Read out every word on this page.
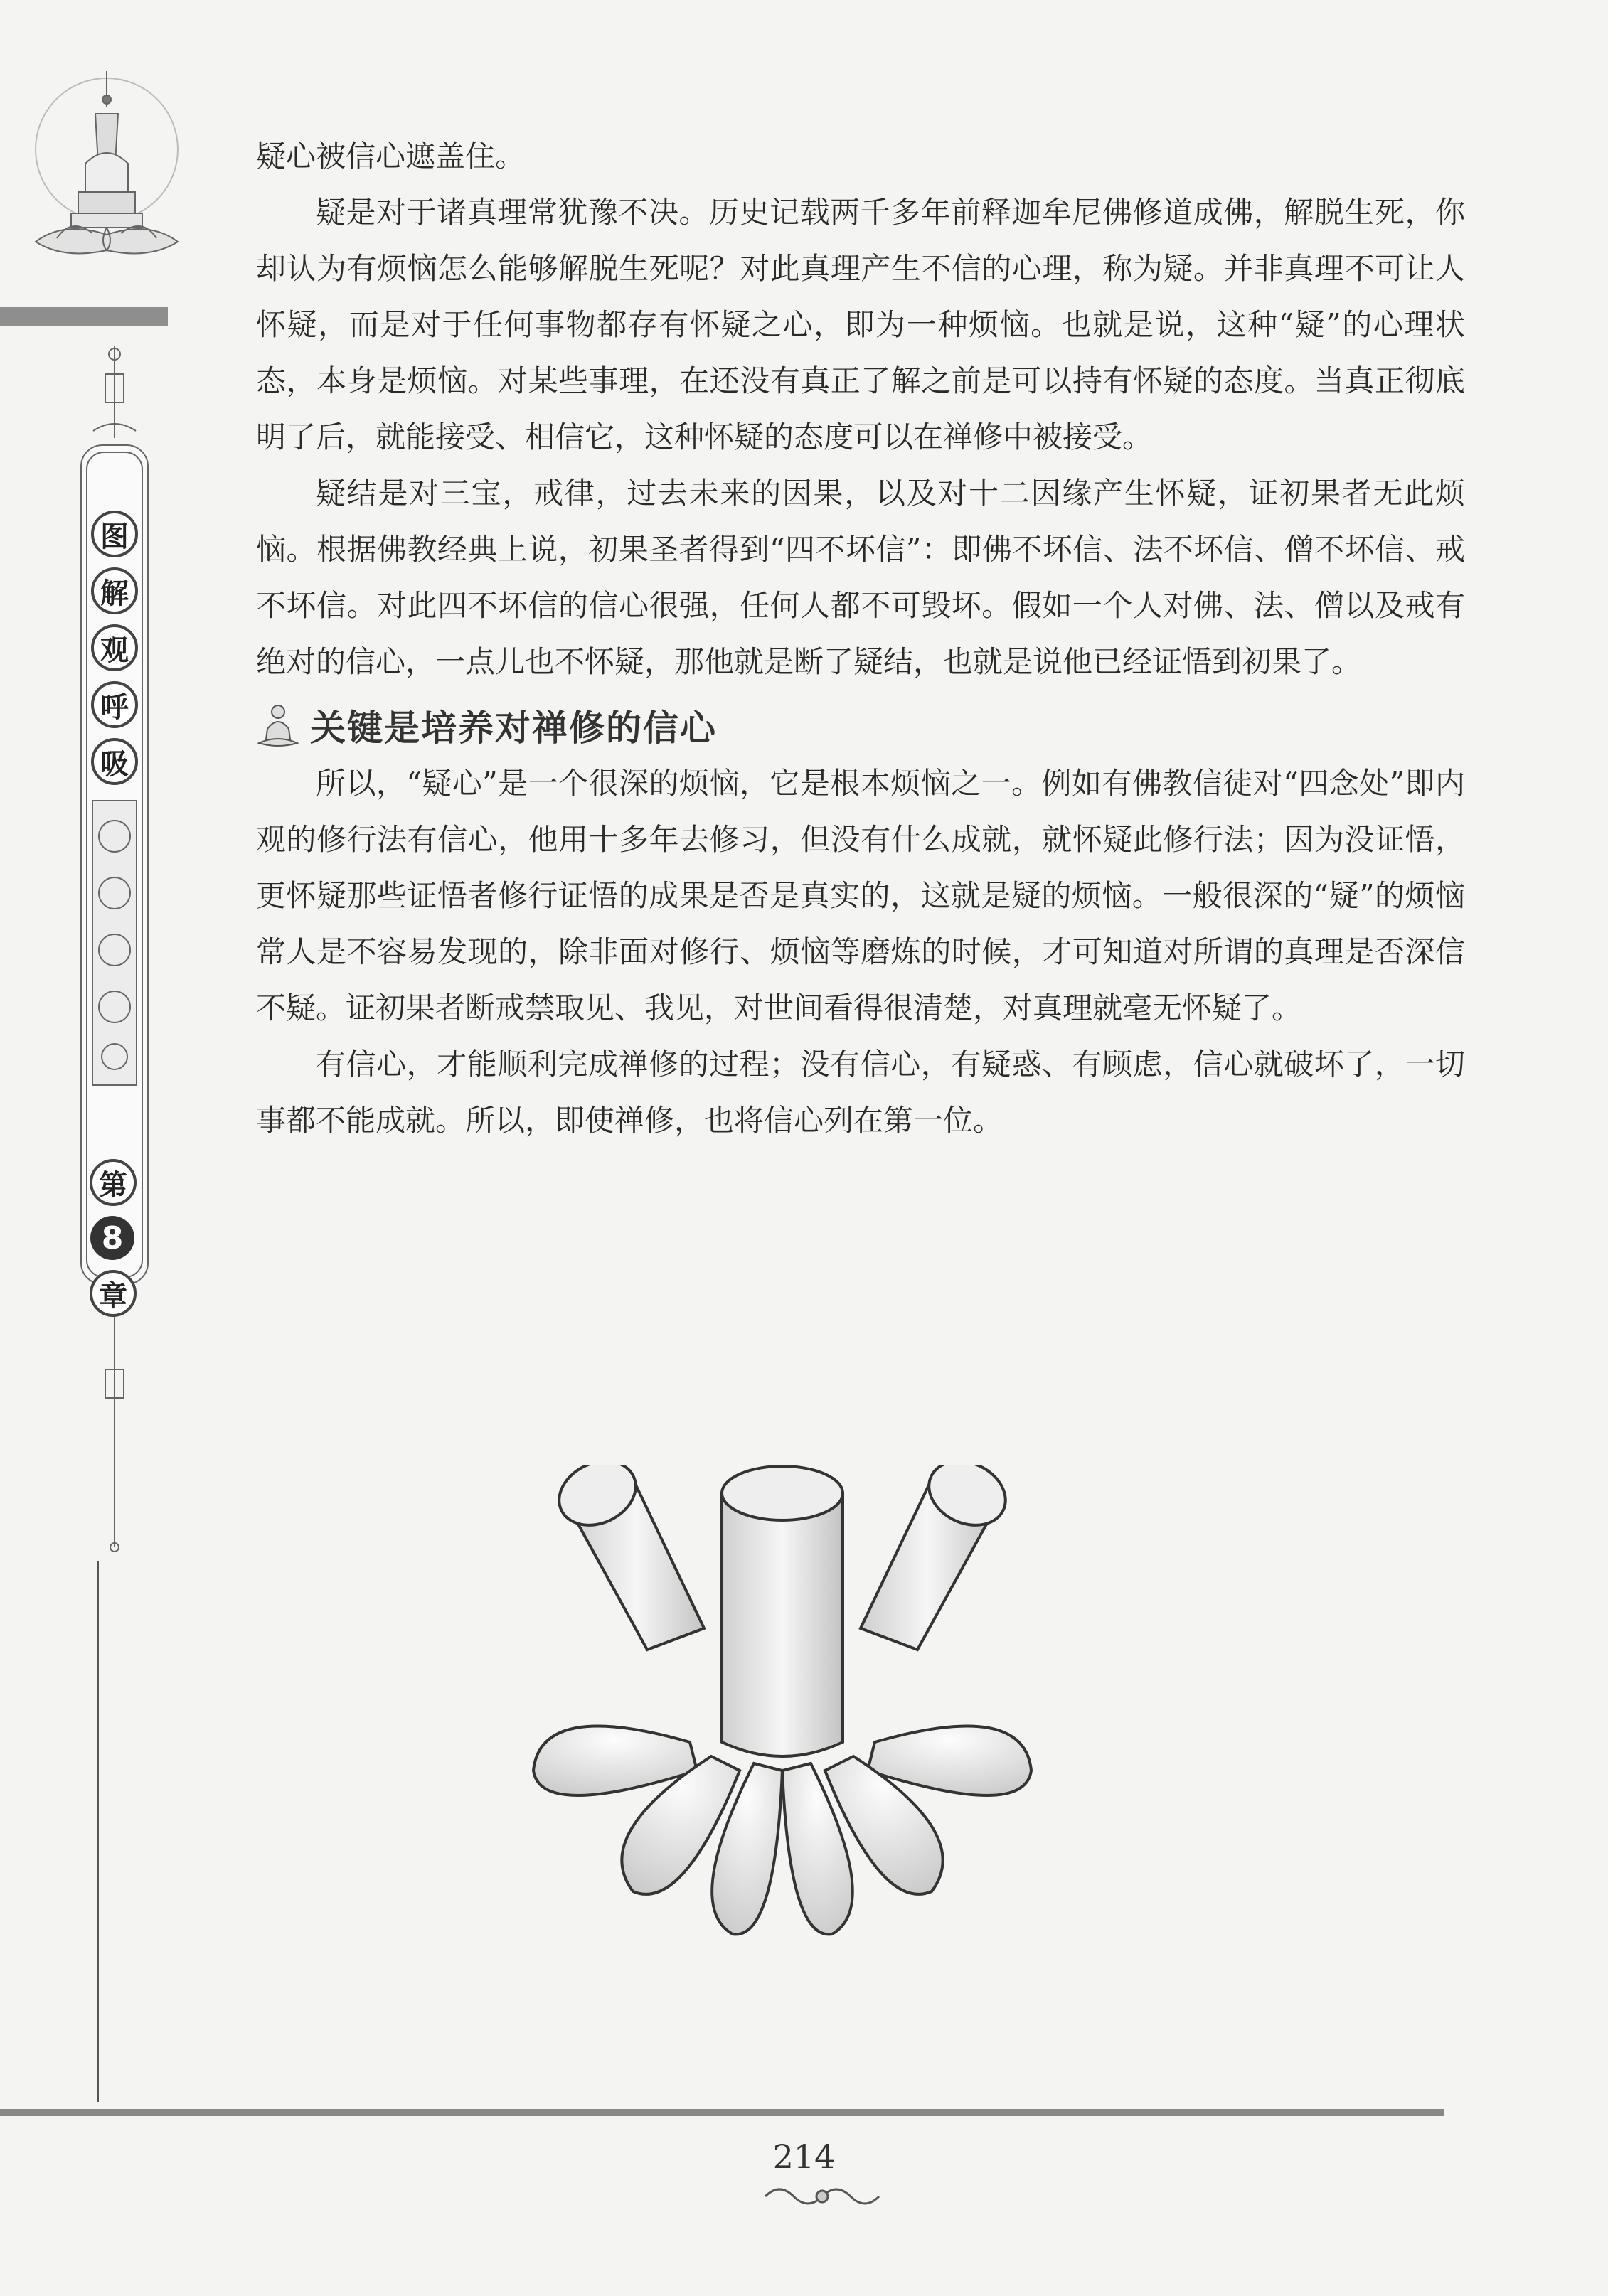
图
解
观
呼
吸
第
8
章

疑心被信心遮盖住。

疑是对于诸真理常犹豫不决。历史记载两千多年前释迦牟尼佛修道成佛，解脱生死，你却认为有烦恼怎么能够解脱生死呢？对此真理产生不信的心理，称为疑。并非真理不可让人怀疑，而是对于任何事物都存有怀疑之心，即为一种烦恼。也就是说，这种“疑”的心理状态，本身是烦恼。对某些事理，在还没有真正了解之前是可以持有怀疑的态度。当真正彻底明了后，就能接受、相信它，这种怀疑的态度可以在禅修中被接受。

疑结是对三宝，戒律，过去未来的因果，以及对十二因缘产生怀疑，证初果者无此烦恼。根据佛教经典上说，初果圣者得到“四不坏信”：即佛不坏信、法不坏信、僧不坏信、戒不坏信。对此四不坏信的信心很强，任何人都不可毁坏。假如一个人对佛、法、僧以及戒有绝对的信心，一点儿也不怀疑，那他就是断了疑结，也就是说他已经证悟到初果了。

关键是培养对禅修的信心

所以，“疑心”是一个很深的烦恼，它是根本烦恼之一。例如有佛教信徒对“四念处”即内观的修行法有信心，他用十多年去修习，但没有什么成就，就怀疑此修行法；因为没证悟，更怀疑那些证悟者修行证悟的成果是否是真实的，这就是疑的烦恼。一般很深的“疑”的烦恼常人是不容易发现的，除非面对修行、烦恼等磨炼的时候，才可知道对所谓的真理是否深信不疑。证初果者断戒禁取见、我见，对世间看得很清楚，对真理就毫无怀疑了。

有信心，才能顺利完成禅修的过程；没有信心，有疑惑、有顾虑，信心就破坏了，一切事都不能成就。所以，即使禅修，也将信心列在第一位。

214
